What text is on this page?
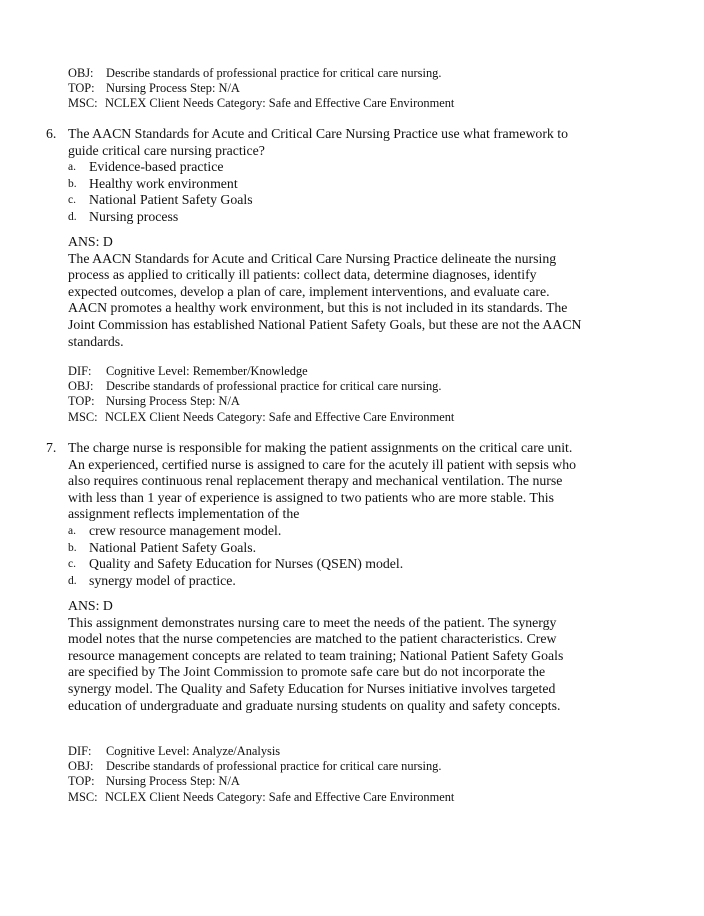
OBJ:	Describe standards of professional practice for critical care nursing.
TOP: Nursing Process Step: N/A
MSC: NCLEX Client Needs Category: Safe and Effective Care Environment
6. The AACN Standards for Acute and Critical Care Nursing Practice use what framework to guide critical care nursing practice?
a. Evidence-based practice
b. Healthy work environment
c. National Patient Safety Goals
d. Nursing process
ANS: D

The AACN Standards for Acute and Critical Care Nursing Practice delineate the nursing process as applied to critically ill patients: collect data, determine diagnoses, identify expected outcomes, develop a plan of care, implement interventions, and evaluate care. AACN promotes a healthy work environment, but this is not included in its standards. The Joint Commission has established National Patient Safety Goals, but these are not the AACN standards.

DIF:	Cognitive Level: Remember/Knowledge
OBJ:	Describe standards of professional practice for critical care nursing.
TOP: Nursing Process Step: N/A
MSC: NCLEX Client Needs Category: Safe and Effective Care Environment
7. The charge nurse is responsible for making the patient assignments on the critical care unit. An experienced, certified nurse is assigned to care for the acutely ill patient with sepsis who also requires continuous renal replacement therapy and mechanical ventilation. The nurse with less than 1 year of experience is assigned to two patients who are more stable. This assignment reflects implementation of the
a. crew resource management model.
b. National Patient Safety Goals.
c. Quality and Safety Education for Nurses (QSEN) model.
d. synergy model of practice.
ANS: D

This assignment demonstrates nursing care to meet the needs of the patient. The synergy model notes that the nurse competencies are matched to the patient characteristics. Crew resource management concepts are related to team training; National Patient Safety Goals are specified by The Joint Commission to promote safe care but do not incorporate the synergy model. The Quality and Safety Education for Nurses initiative involves targeted education of undergraduate and graduate nursing students on quality and safety concepts.

DIF:	Cognitive Level: Analyze/Analysis
OBJ:	Describe standards of professional practice for critical care nursing.
TOP: Nursing Process Step: N/A
MSC: NCLEX Client Needs Category: Safe and Effective Care Environment
